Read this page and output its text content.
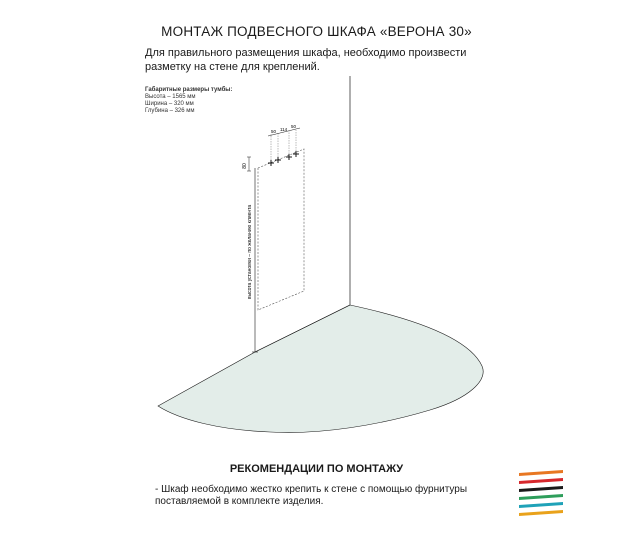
МОНТАЖ ПОДВЕСНОГО ШКАФА «ВЕРОНА 30»
Для правильного размещения шкафа, необходимо произвести разметку на стене для креплений.
Габаритные размеры тумбы:
Высота – 1565 мм
Ширина – 320 мм
Глубина – 326 мм
80
50 114
50
высота установки – по желанию клиента
РЕКОМЕНДАЦИИ ПО МОНТАЖУ
- Шкаф необходимо жестко крепить к стене с помощью фурнитуры поставляемой в комплекте изделия.
